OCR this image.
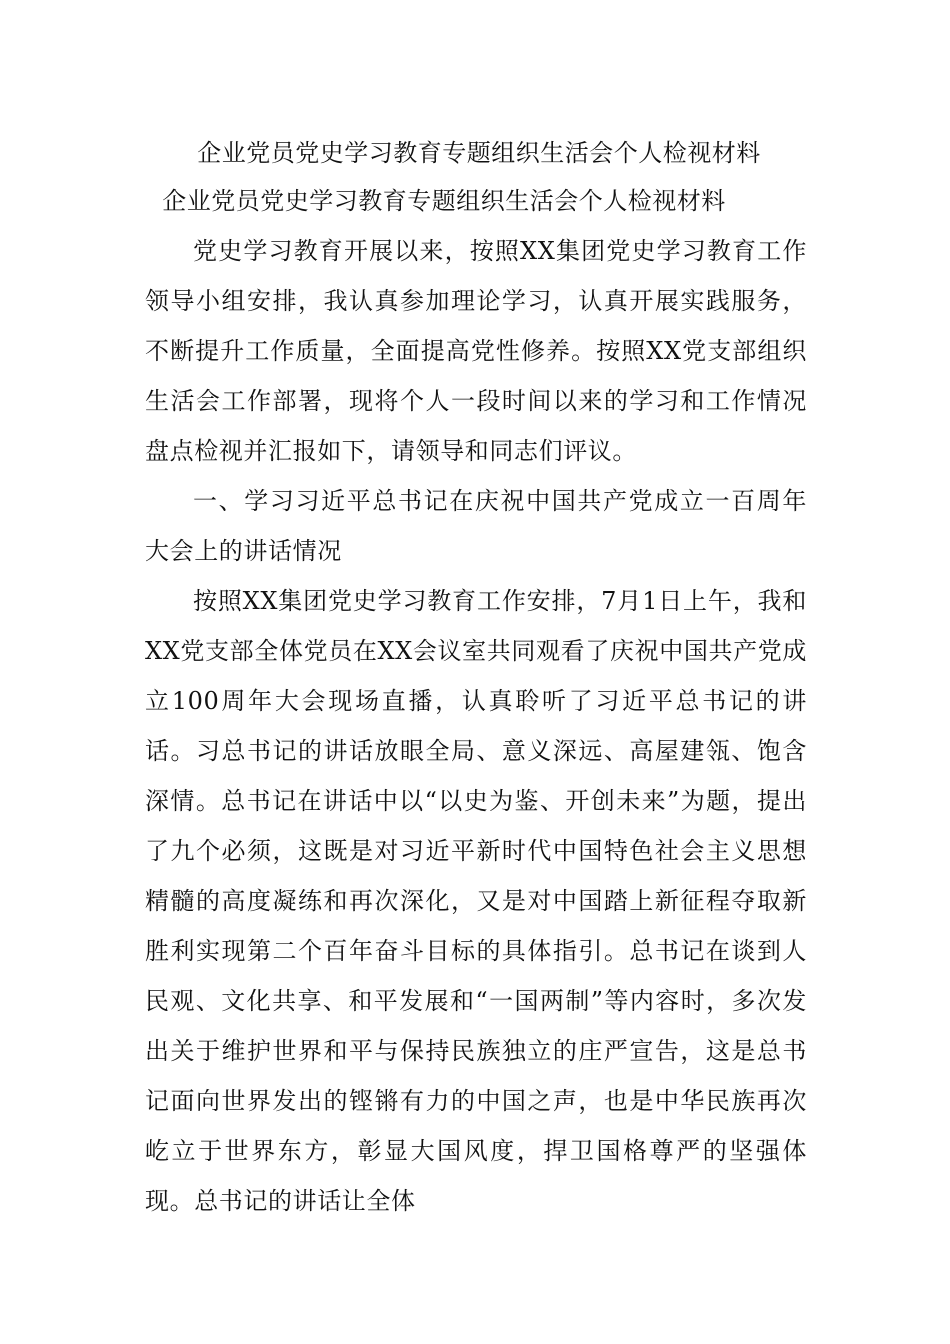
企业党员党史学习教育专题组织生活会个人检视材料
企业党员党史学习教育专题组织生活会个人检视材料

党史学习教育开展以来，按照XX集团党史学习教育工作领导小组安排，我认真参加理论学习，认真开展实践服务，不断提升工作质量，全面提高党性修养。按照XX党支部组织生活会工作部署，现将个人一段时间以来的学习和工作情况盘点检视并汇报如下，请领导和同志们评议。

一、学习习近平总书记在庆祝中国共产党成立一百周年大会上的讲话情况

按照XX集团党史学习教育工作安排，7月1日上午，我和XX党支部全体党员在XX会议室共同观看了庆祝中国共产党成立100周年大会现场直播，认真聆听了习近平总书记的讲话。习总书记的讲话放眼全局、意义深远、高屋建瓴、饱含深情。总书记在讲话中以“以史为鉴、开创未来”为题，提出了九个必须，这既是对习近平新时代中国特色社会主义思想精髓的高度凝练和再次深化，又是对中国踏上新征程夺取新胜利实现第二个百年奋斗目标的具体指引。总书记在谈到人民观、文化共享、和平发展和“一国两制”等内容时，多次发出关于维护世界和平与保持民族独立的庄严宣告，这是总书记面向世界发出的铿锵有力的中国之声，也是中华民族再次屹立于世界东方，彰显大国风度，捍卫国格尊严的坚强体现。总书记的讲话让全体
